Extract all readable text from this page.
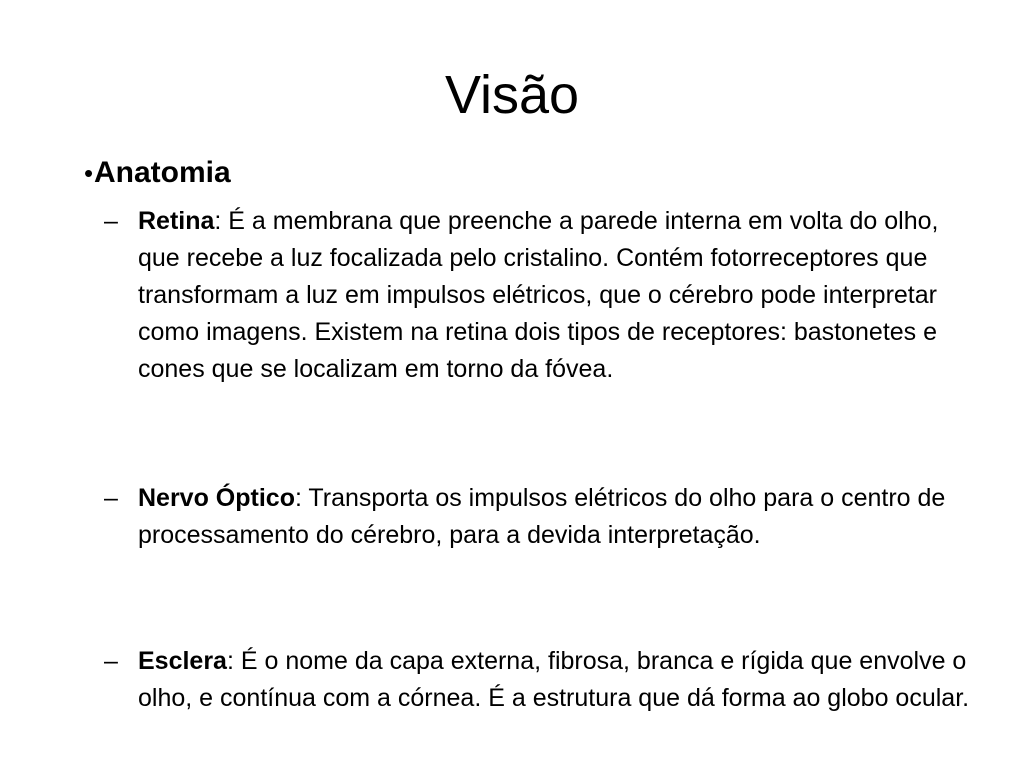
Visão
• Anatomia
– Retina: É a membrana que preenche a parede interna em volta do olho, que recebe a luz focalizada pelo cristalino. Contém fotorreceptores que transformam a luz em impulsos elétricos, que o cérebro pode interpretar como imagens. Existem na retina dois tipos de receptores: bastonetes e cones que se localizam em torno da fóvea.
– Nervo Óptico: Transporta os impulsos elétricos do olho para o centro de processamento do cérebro, para a devida interpretação.
– Esclera: É o nome da capa externa, fibrosa, branca e rígida que envolve o olho, e contínua com a córnea. É a estrutura que dá forma ao globo ocular.
